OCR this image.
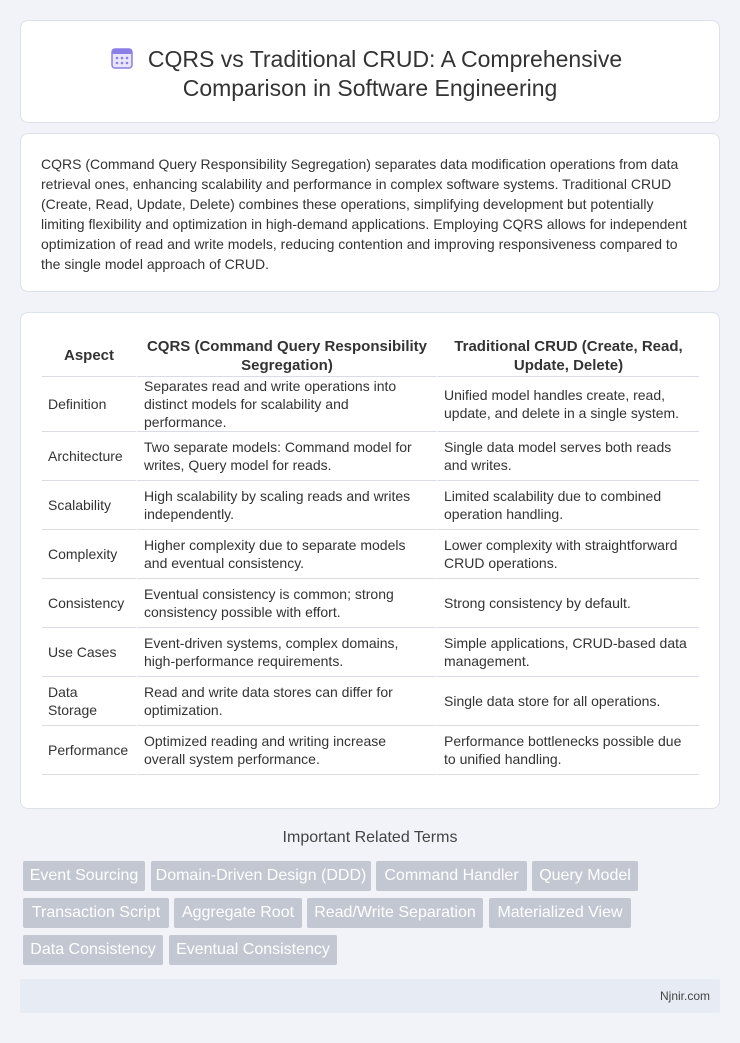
CQRS vs Traditional CRUD: A Comprehensive
Comparison in Software Engineering

CQRS (Command Query Responsibility Segregation) separates data modification operations from data retrieval ones, enhancing scalability and performance in complex software systems. Traditional CRUD (Create, Read, Update, Delete) combines these operations, simplifying development but potentially limiting flexibility and optimization in high-demand applications. Employing CQRS allows for independent optimization of read and write models, reducing contention and improving responsiveness compared to the single model approach of CRUD.

Aspect	CQRS (Command Query Responsibility Segregation)	Traditional CRUD (Create, Read, Update, Delete)
Definition	Separates read and write operations into distinct models for scalability and performance.	Unified model handles create, read, update, and delete in a single system.
Architecture	Two separate models: Command model for writes, Query model for reads.	Single data model serves both reads and writes.
Scalability	High scalability by scaling reads and writes independently.	Limited scalability due to combined operation handling.
Complexity	Higher complexity due to separate models and eventual consistency.	Lower complexity with straightforward CRUD operations.
Consistency	Eventual consistency is common; strong consistency possible with effort.	Strong consistency by default.
Use Cases	Event-driven systems, complex domains, high-performance requirements.	Simple applications, CRUD-based data management.
Data Storage	Read and write data stores can differ for optimization.	Single data store for all operations.
Performance	Optimized reading and writing increase overall system performance.	Performance bottlenecks possible due to unified handling.
Important Related Terms
Event Sourcing	Domain-Driven Design (DDD)	Command Handler	Query Model
Transaction Script	Aggregate Root	Read/Write Separation	Materialized View
Data Consistency	Eventual Consistency
Njnir.com
